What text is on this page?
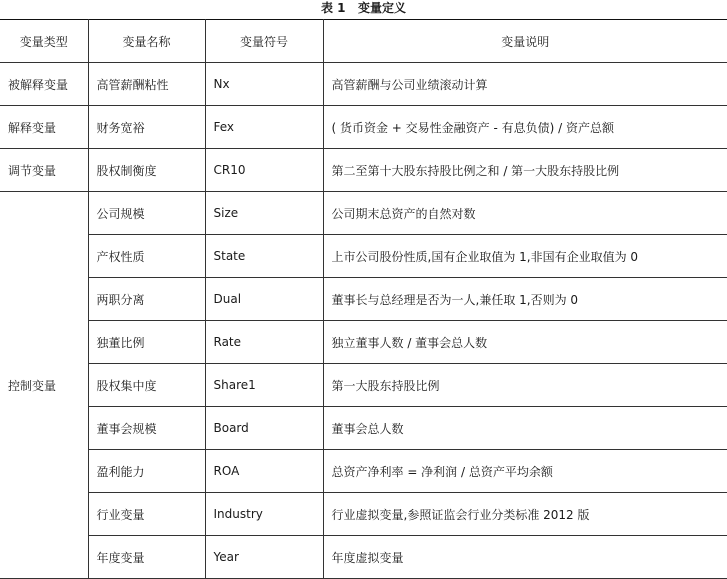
表 1   变量定义
变量类型	变量名称	变量符号	变量说明
被解释变量	高管薪酬粘性	Nx	高管薪酬与公司业绩滚动计算
解释变量	财务宽裕	Fex	( 货币资金 + 交易性金融资产 - 有息负债) / 资产总额
调节变量	股权制衡度	CR10	第二至第十大股东持股比例之和 / 第一大股东持股比例
控制变量	公司规模	Size	公司期末总资产的自然对数
	产权性质	State	上市公司股份性质,国有企业取值为 1,非国有企业取值为 0
	两职分离	Dual	董事长与总经理是否为一人,兼任取 1,否则为 0
	独董比例	Rate	独立董事人数 / 董事会总人数
	股权集中度	Share1	第一大股东持股比例
	董事会规模	Board	董事会总人数
	盈利能力	ROA	总资产净利率 = 净利润 / 总资产平均余额
	行业变量	Industry	行业虚拟变量,参照证监会行业分类标准 2012 版
	年度变量	Year	年度虚拟变量
